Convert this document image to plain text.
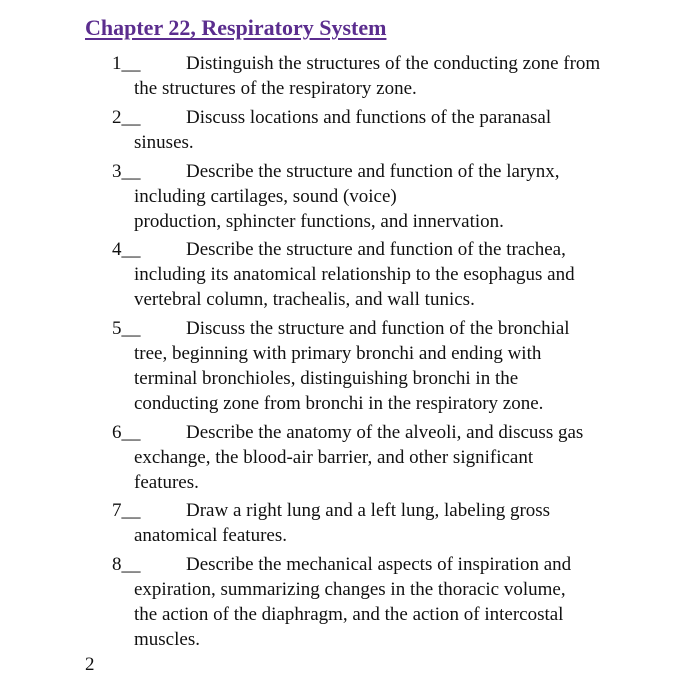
Chapter 22, Respiratory System
1__ Distinguish the structures of the conducting zone from
the structures of the respiratory zone.
2__ Discuss locations and functions of the paranasal
sinuses.
3__ Describe the structure and function of the larynx,
including cartilages, sound (voice)
production, sphincter functions, and innervation.
4__ Describe the structure and function of the trachea,
including its anatomical relationship to the esophagus and
vertebral column, trachealis, and wall tunics.
5__ Discuss the structure and function of the bronchial
tree, beginning with primary bronchi and ending with
terminal bronchioles, distinguishing bronchi in the
conducting zone from bronchi in the respiratory zone.
6__ Describe the anatomy of the alveoli, and discuss gas
exchange, the blood-air barrier, and other significant
features.
7__ Draw a right lung and a left lung, labeling gross
anatomical features.
8__ Describe the mechanical aspects of inspiration and
expiration, summarizing changes in the thoracic volume,
the action of the diaphragm, and the action of intercostal
muscles.
2
